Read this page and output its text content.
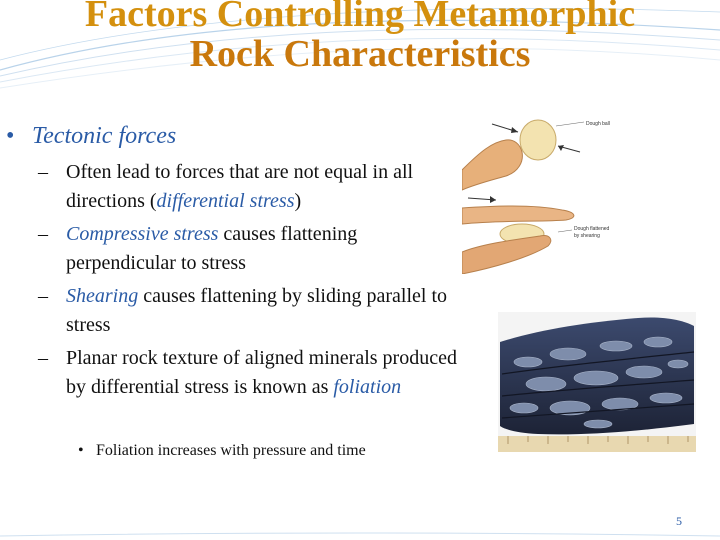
Factors Controlling Metamorphic
Rock Characteristics
• Tectonic forces
– Often lead to forces that are not equal in all directions (differential stress)
– Compressive stress causes flattening perpendicular to stress
– Shearing causes flattening by sliding parallel to stress
– Planar rock texture of aligned minerals produced by differential stress is known as foliation
• Foliation increases with pressure and time
Dough ball
Dough flattened
by shearing
5
